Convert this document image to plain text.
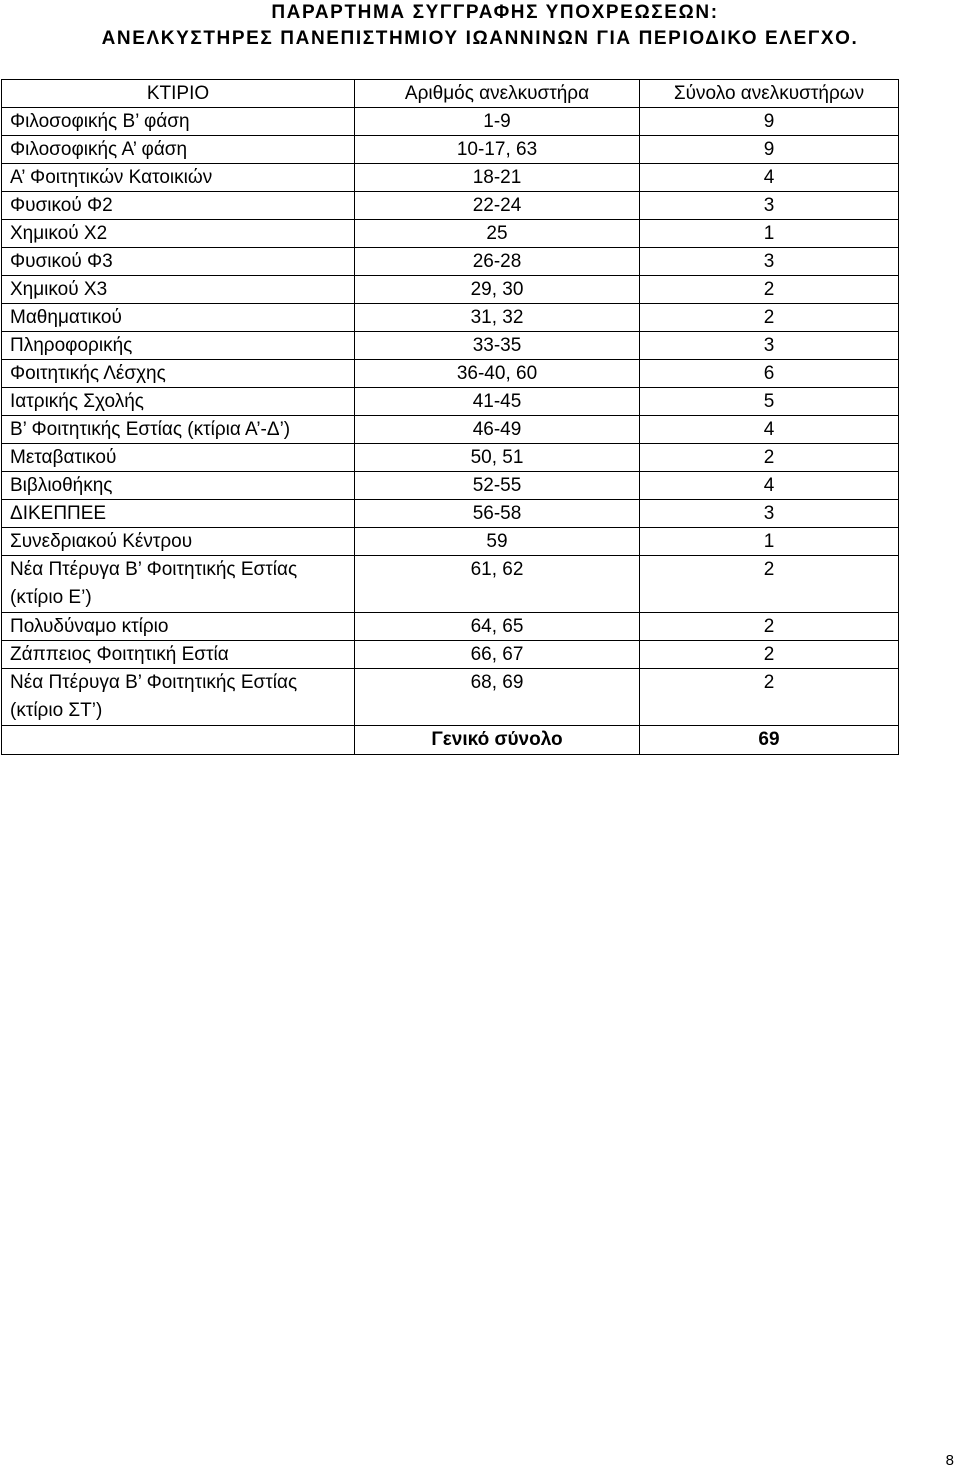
ΠΑΡΑΡΤΗΜΑ ΣΥΓΓΡΑΦΗΣ ΥΠΟΧΡΕΩΣΕΩΝ:
ΑΝΕΛΚΥΣΤΗΡΕΣ ΠΑΝΕΠΙΣΤΗΜΙΟΥ ΙΩΑΝΝΙΝΩΝ ΓΙΑ ΠΕΡΙΟΔΙΚΟ ΕΛΕΓΧΟ.
ΚΤΙΡΙΟ	Αριθμός ανελκυστήρα	Σύνολο ανελκυστήρων
Φιλοσοφικής Β’ φάση	1-9	9
Φιλοσοφικής Α’ φάση	10-17, 63	9
Α’ Φοιτητικών Κατοικιών	18-21	4
Φυσικού Φ2	22-24	3
Χημικού Χ2	25	1
Φυσικού Φ3	26-28	3
Χημικού Χ3	29, 30	2
Μαθηματικού	31, 32	2
Πληροφορικής	33-35	3
Φοιτητικής Λέσχης	36-40, 60	6
Ιατρικής Σχολής	41-45	5
Β’ Φοιτητικής Εστίας (κτίρια Α’-Δ’)	46-49	4
Μεταβατικού	50, 51	2
Βιβλιοθήκης	52-55	4
ΔΙΚΕΠΠΕΕ	56-58	3
Συνεδριακού Κέντρου	59	1
Νέα Πτέρυγα Β’ Φοιτητικής Εστίας (κτίριο Ε’)	61, 62	2
Πολυδύναμο κτίριο	64, 65	2
Ζάππειος Φοιτητική Εστία	66, 67	2
Νέα Πτέρυγα Β’ Φοιτητικής Εστίας (κτίριο ΣΤ’)	68, 69	2
	Γενικό σύνολο	69
8
